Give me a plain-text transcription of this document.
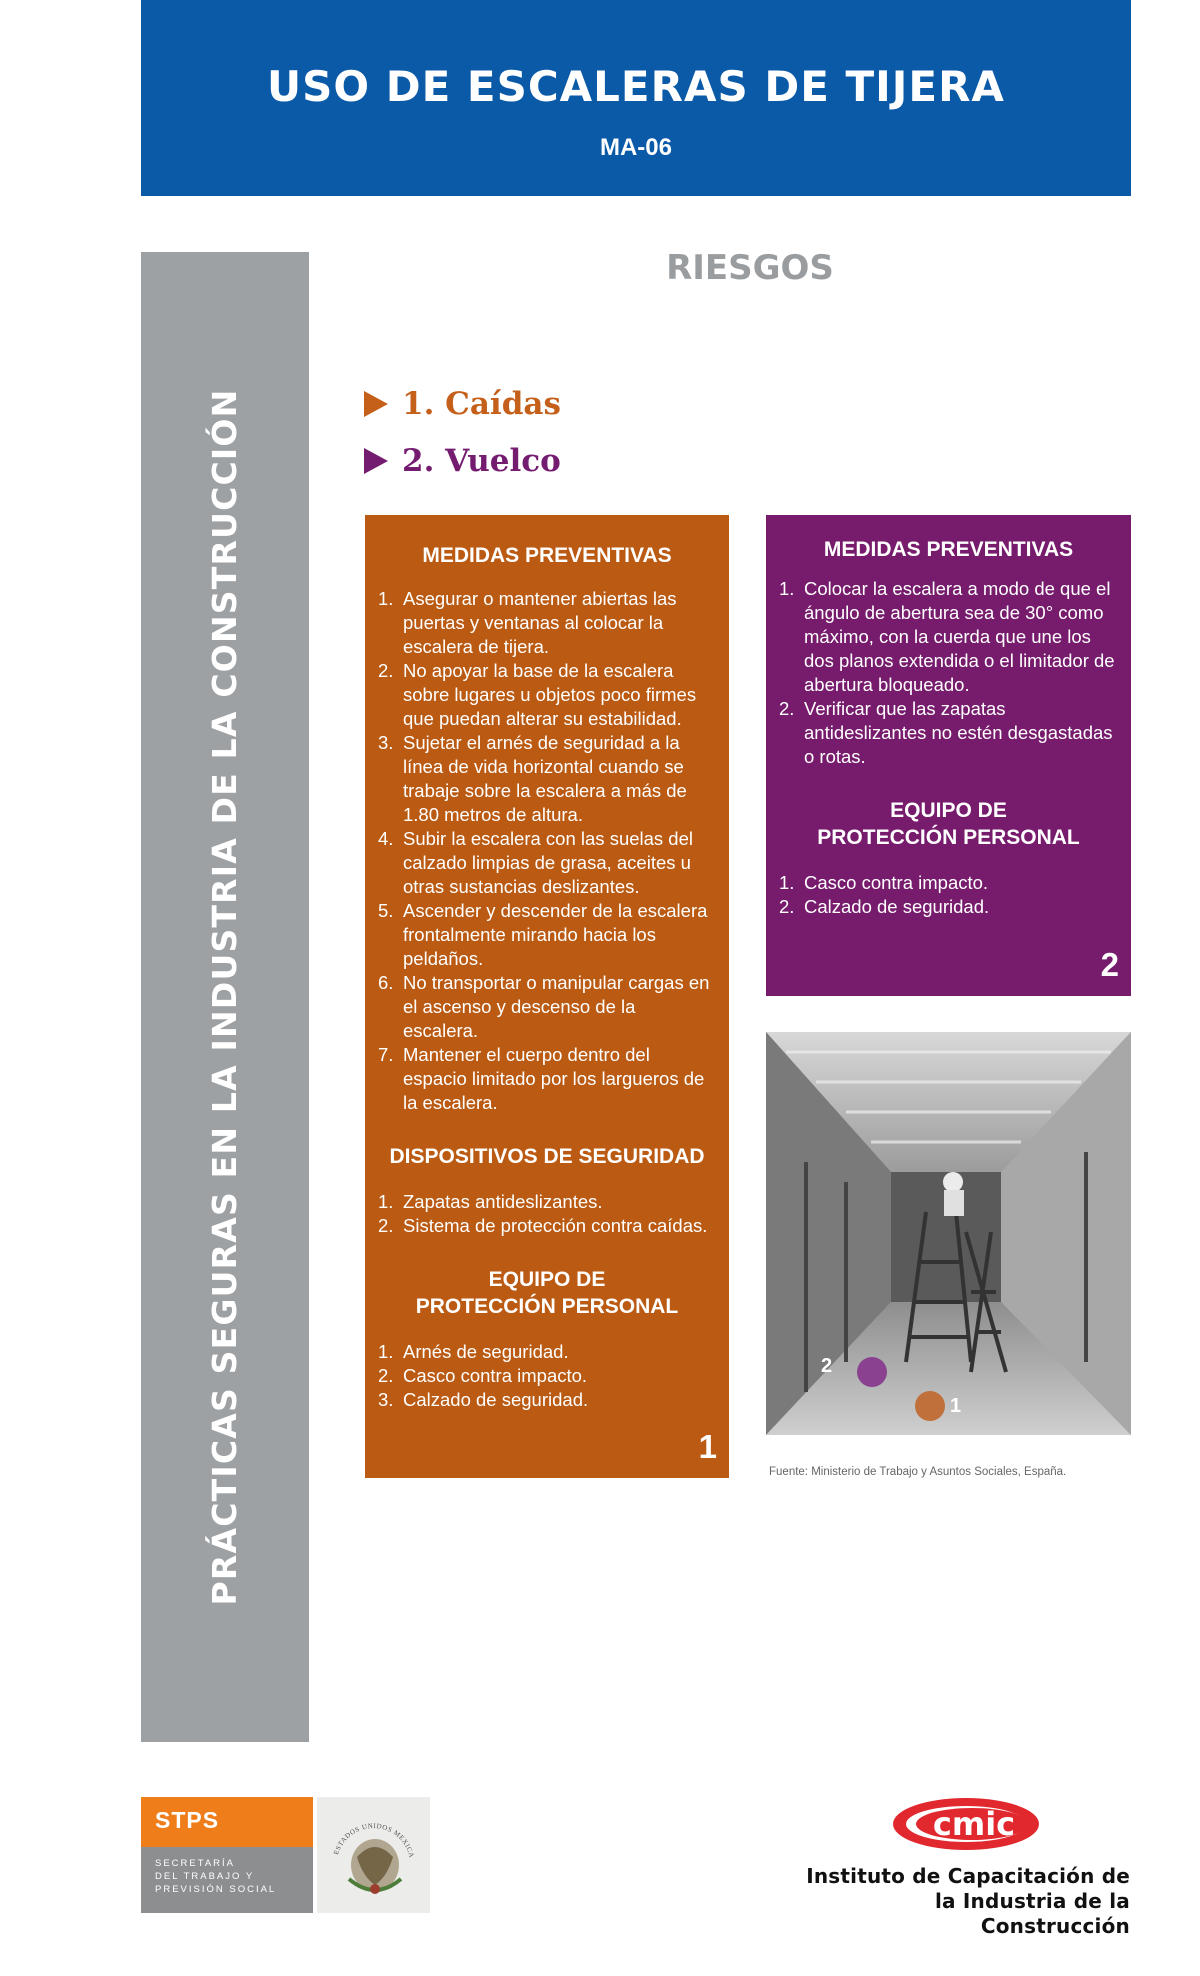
USO DE ESCALERAS DE TIJERA
MA-06
PRÁCTICAS SEGURAS EN LA INDUSTRIA DE LA CONSTRUCCIÓN
RIESGOS
1. Caídas
2. Vuelco
MEDIDAS PREVENTIVAS
1. Asegurar o mantener abiertas las puertas y ventanas al colocar la escalera de tijera.
2. No apoyar la base de la escalera sobre lugares u objetos poco firmes que puedan alterar su estabilidad.
3. Sujetar el arnés de seguridad a la línea de vida horizontal cuando se trabaje sobre la escalera a más de 1.80 metros de altura.
4. Subir la escalera con las suelas del calzado limpias de grasa, aceites u otras sustancias deslizantes.
5. Ascender y descender de la escalera frontalmente mirando hacia los peldaños.
6. No transportar o manipular cargas en el ascenso y descenso de la escalera.
7. Mantener el cuerpo dentro del espacio limitado por los largueros de la escalera.
DISPOSITIVOS DE SEGURIDAD
1. Zapatas antideslizantes.
2. Sistema de protección contra caídas.
EQUIPO DE
PROTECCIÓN PERSONAL
1. Arnés de seguridad.
2. Casco contra impacto.
3. Calzado de seguridad.
1
MEDIDAS PREVENTIVAS
1. Colocar la escalera a modo de que el ángulo de abertura sea de 30° como máximo, con la cuerda que une los dos planos extendida o el limitador de abertura bloqueado.
2. Verificar que las zapatas antideslizantes no estén desgastadas o rotas.
EQUIPO DE
PROTECCIÓN PERSONAL
1. Casco contra impacto.
2. Calzado de seguridad.
2
2
1
Fuente: Ministerio de Trabajo y Asuntos Sociales, España.
STPS
SECRETARÍA
DEL TRABAJO Y
PREVISIÓN SOCIAL
ESTADOS UNIDOS MEXICA
cmic
Instituto de Capacitación de
la Industria de la Construcción
